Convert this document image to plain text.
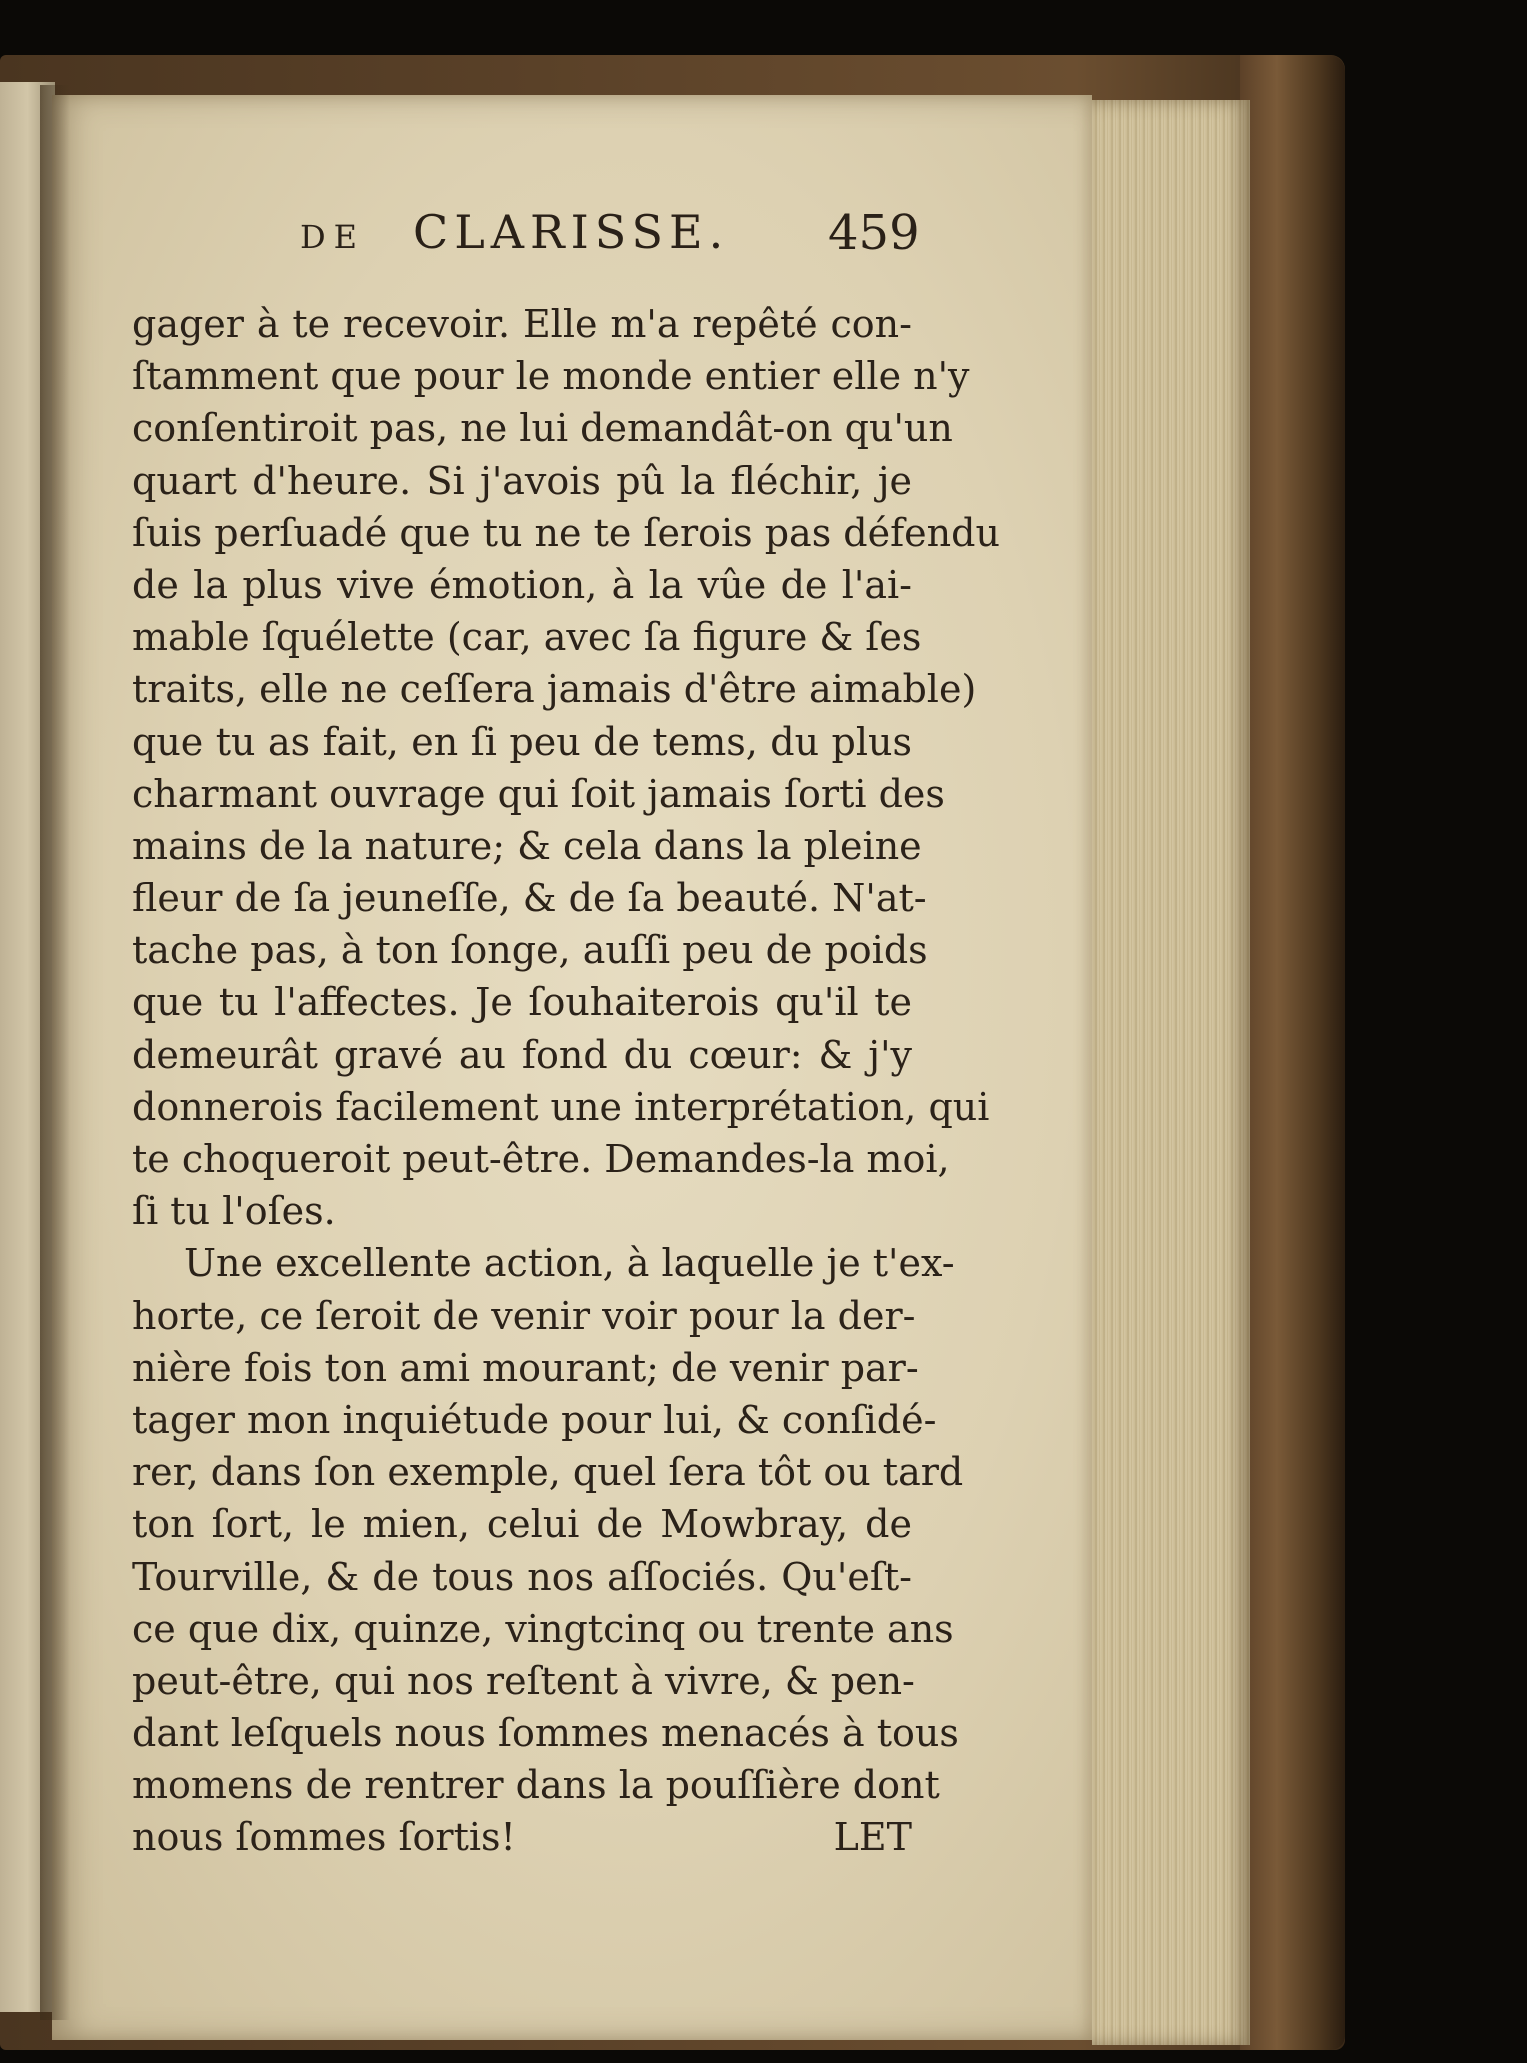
DE CLARISSE. 459
gager à te recevoir. Elle m'a repêté con-
ſtamment que pour le monde entier elle n'y
conſentiroit pas, ne lui demandât-on qu'un
quart d'heure. Si j'avois pû la fléchir, je
ſuis perſuadé que tu ne te ſerois pas défendu
de la plus vive émotion, à la vûe de l'ai-
mable ſquélette (car, avec ſa figure & ſes
traits, elle ne ceſſera jamais d'être aimable)
que tu as fait, en ſi peu de tems, du plus
charmant ouvrage qui ſoit jamais ſorti des
mains de la nature; & cela dans la pleine
fleur de ſa jeuneſſe, & de ſa beauté. N'at-
tache pas, à ton ſonge, auſſi peu de poids
que tu l'affectes. Je ſouhaiterois qu'il te
demeurât gravé au fond du cœur: & j'y
donnerois facilement une interprétation, qui
te choqueroit peut-être. Demandes-la moi,
ſi tu l'oſes.
Une excellente action, à laquelle je t'ex-
horte, ce ſeroit de venir voir pour la der-
nière fois ton ami mourant; de venir par-
tager mon inquiétude pour lui, & conſidé-
rer, dans ſon exemple, quel ſera tôt ou tard
ton ſort, le mien, celui de Mowbray, de
Tourville, & de tous nos aſſociés. Qu'eſt-
ce que dix, quinze, vingtcinq ou trente ans
peut-être, qui nos reſtent à vivre, & pen-
dant leſquels nous ſommes menacés à tous
momens de rentrer dans la pouſſière dont
nous ſommes ſortis!	LET
